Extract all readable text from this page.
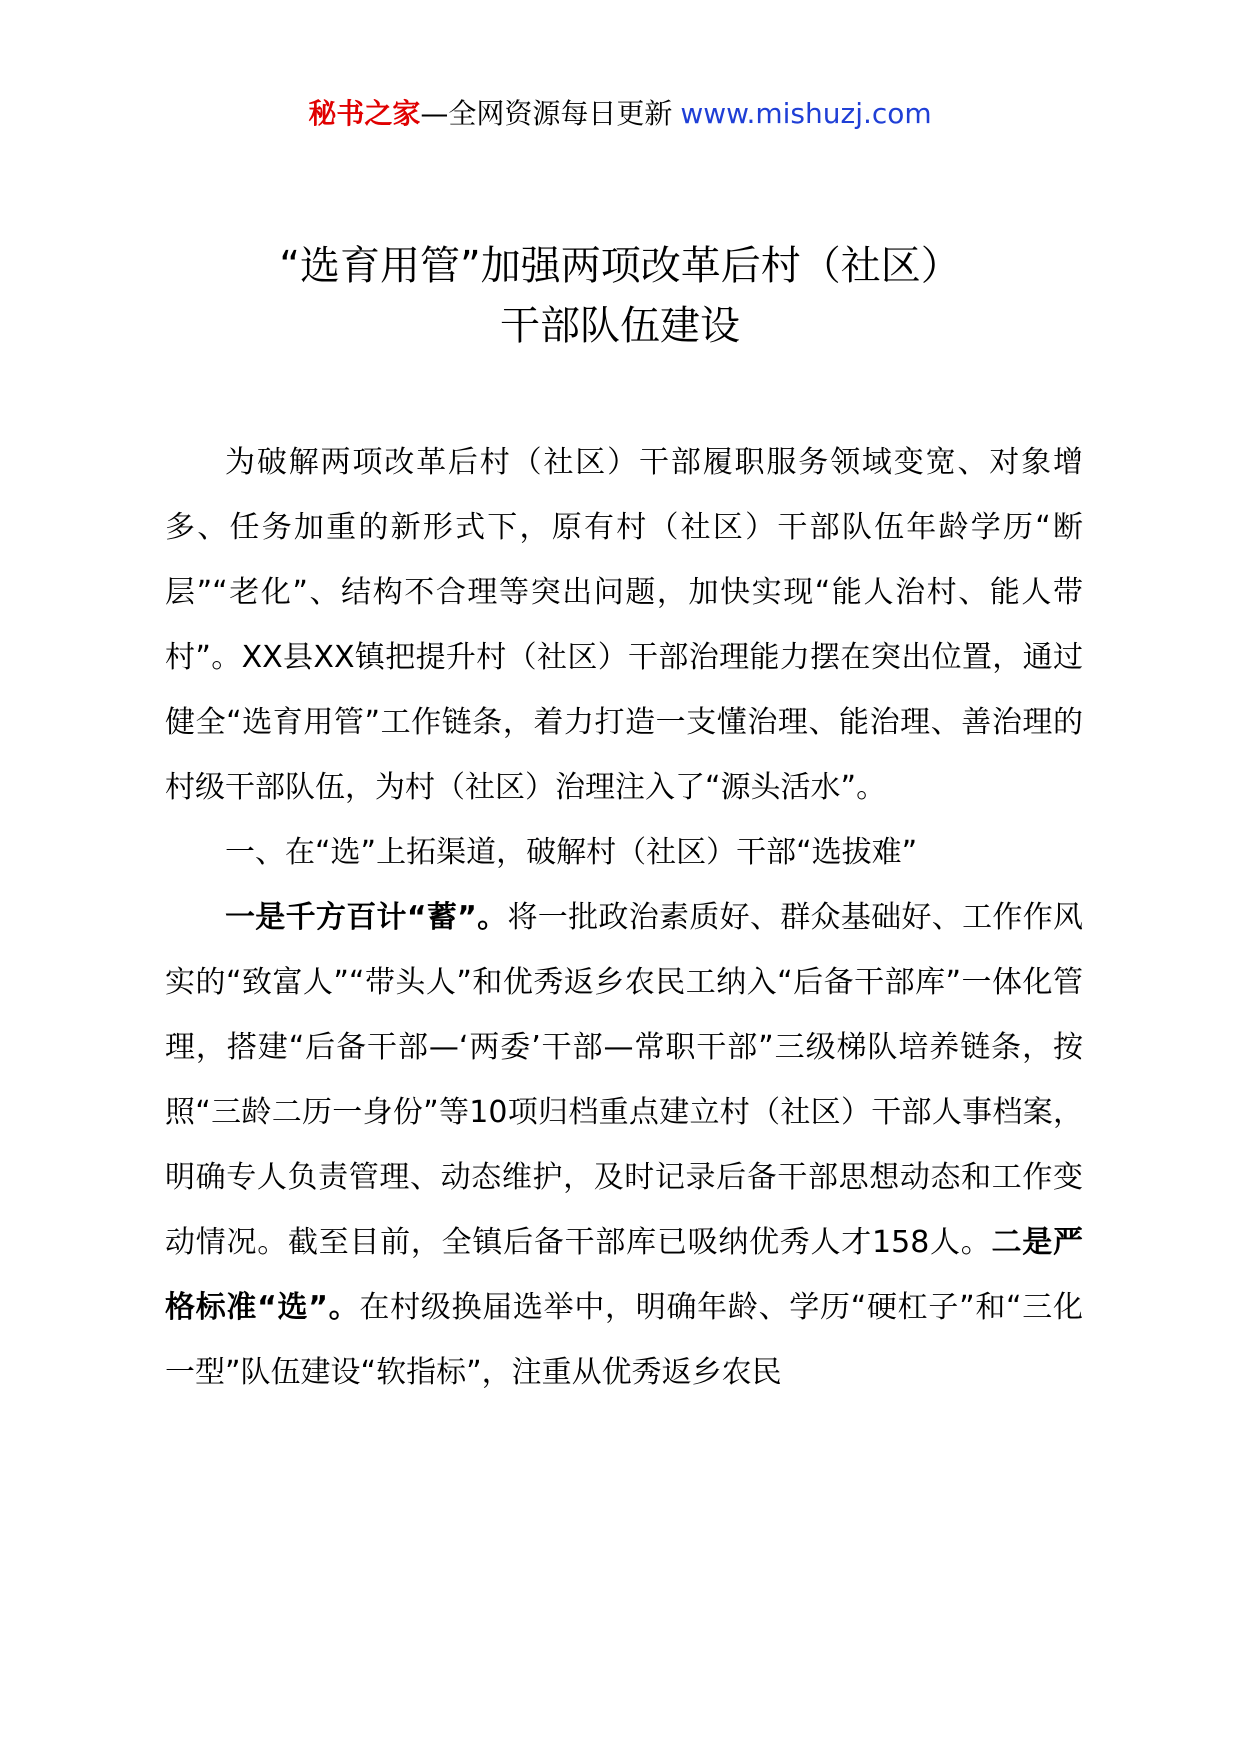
秘书之家—全网资源每日更新 www.mishuzj.com
“选育用管”加强两项改革后村（社区）
干部队伍建设

为破解两项改革后村（社区）干部履职服务领域变宽、对象增多、任务加重的新形式下，原有村（社区）干部队伍年龄学历“断层”“老化”、结构不合理等突出问题，加快实现“能人治村、能人带村”。XX县XX镇把提升村（社区）干部治理能力摆在突出位置，通过健全“选育用管”工作链条，着力打造一支懂治理、能治理、善治理的村级干部队伍，为村（社区）治理注入了“源头活水”。

一、在“选”上拓渠道，破解村（社区）干部“选拔难”

一是千方百计“蓄”。将一批政治素质好、群众基础好、工作作风实的“致富人”“带头人”和优秀返乡农民工纳入“后备干部库”一体化管理，搭建“后备干部—‘两委’干部—常职干部”三级梯队培养链条，按照“三龄二历一身份”等10项归档重点建立村（社区）干部人事档案，明确专人负责管理、动态维护，及时记录后备干部思想动态和工作变动情况。截至目前，全镇后备干部库已吸纳优秀人才158人。二是严格标准“选”。在村级换届选举中，明确年龄、学历“硬杠子”和“三化一型”队伍建设“软指标”，注重从优秀返乡农民
